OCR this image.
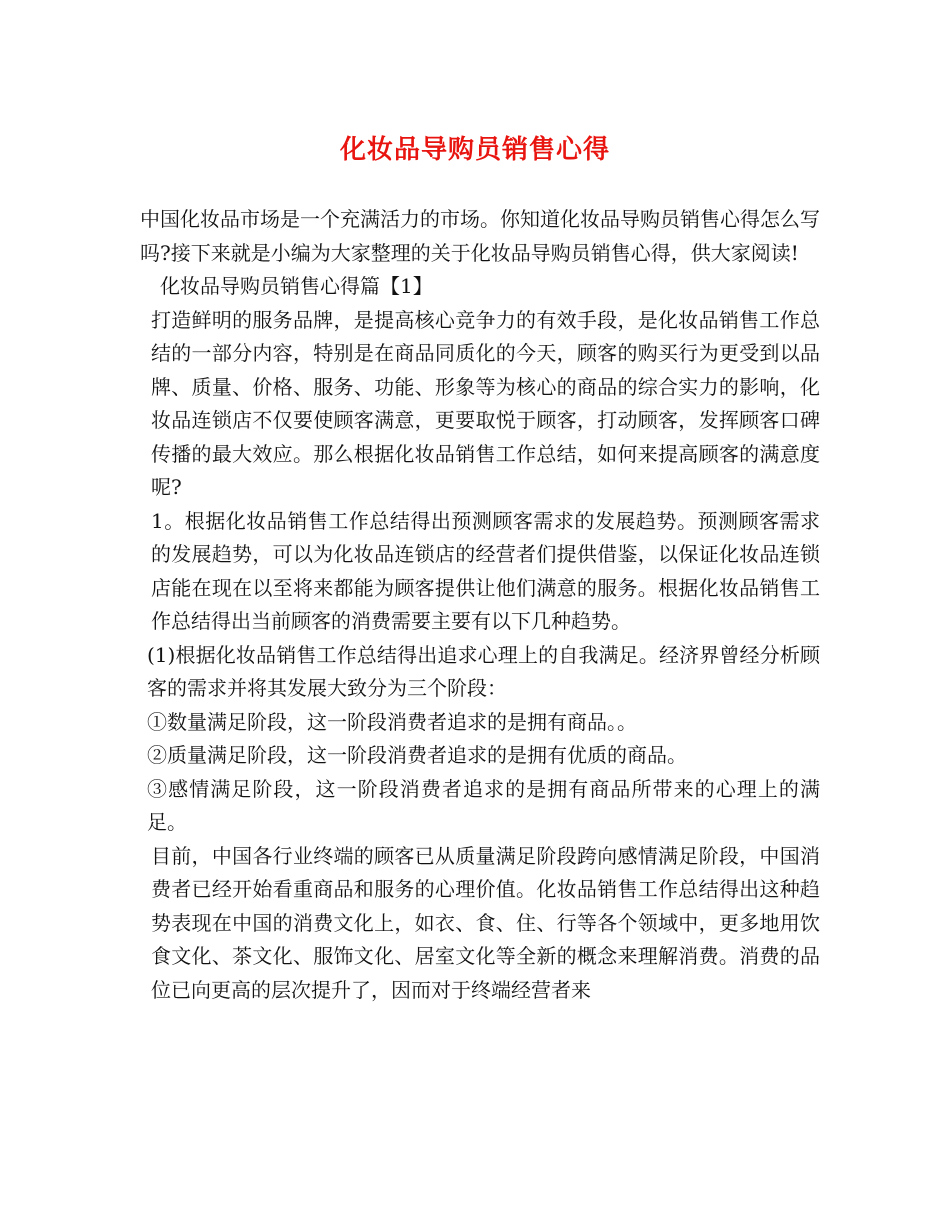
化妆品导购员销售心得

中国化妆品市场是一个充满活力的市场。你知道化妆品导购员销售心得怎么写吗?接下来就是小编为大家整理的关于化妆品导购员销售心得，供大家阅读!

化妆品导购员销售心得篇【1】

打造鲜明的服务品牌，是提高核心竞争力的有效手段，是化妆品销售工作总结的一部分内容，特别是在商品同质化的今天，顾客的购买行为更受到以品牌、质量、价格、服务、功能、形象等为核心的商品的综合实力的影响，化妆品连锁店不仅要使顾客满意，更要取悦于顾客，打动顾客，发挥顾客口碑传播的最大效应。那么根据化妆品销售工作总结，如何来提高顾客的满意度呢?

1。根据化妆品销售工作总结得出预测顾客需求的发展趋势。预测顾客需求的发展趋势，可以为化妆品连锁店的经营者们提供借鉴，以保证化妆品连锁店能在现在以至将来都能为顾客提供让他们满意的服务。根据化妆品销售工作总结得出当前顾客的消费需要主要有以下几种趋势。

(1)根据化妆品销售工作总结得出追求心理上的自我满足。经济界曾经分析顾客的需求并将其发展大致分为三个阶段：

①数量满足阶段，这一阶段消费者追求的是拥有商品。。

②质量满足阶段，这一阶段消费者追求的是拥有优质的商品。

③感情满足阶段，这一阶段消费者追求的是拥有商品所带来的心理上的满足。

目前，中国各行业终端的顾客已从质量满足阶段跨向感情满足阶段，中国消费者已经开始看重商品和服务的心理价值。化妆品销售工作总结得出这种趋势表现在中国的消费文化上，如衣、食、住、行等各个领域中，更多地用饮食文化、茶文化、服饰文化、居室文化等全新的概念来理解消费。消费的品位已向更高的层次提升了，因而对于终端经营者来
